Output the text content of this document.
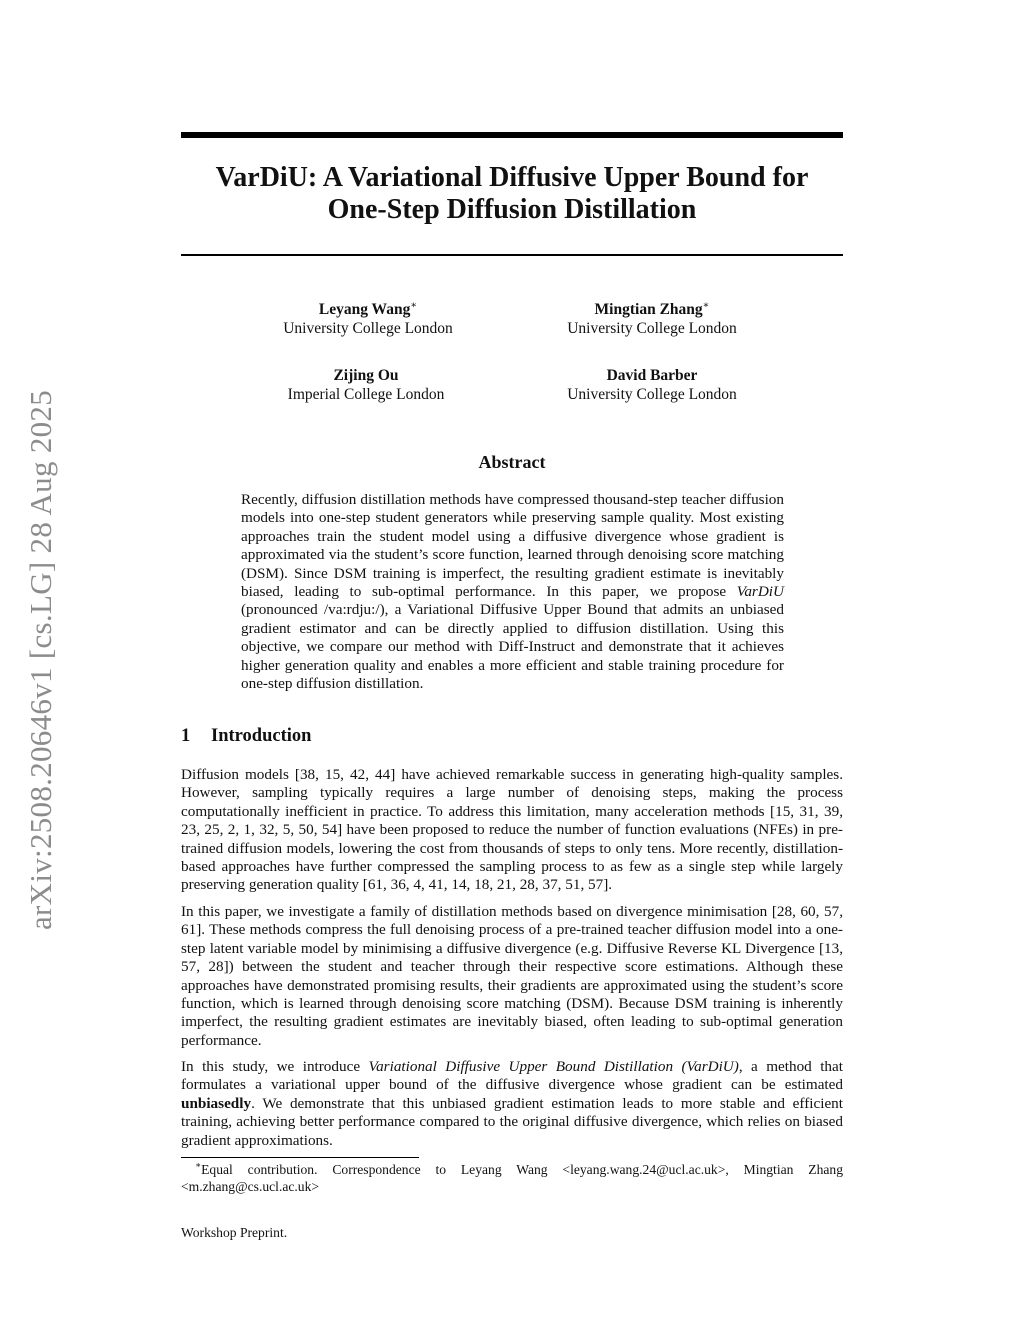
arXiv:2508.20646v1 [cs.LG] 28 Aug 2025
VarDiU: A Variational Diffusive Upper Bound for
One-Step Diffusion Distillation
Leyang Wang∗
University College London
Mingtian Zhang∗
University College London
Zijing Ou
Imperial College London
David Barber
University College London
Abstract
Recently, diffusion distillation methods have compressed thousand-step teacher diffusion models into one-step student generators while preserving sample quality. Most existing approaches train the student model using a diffusive divergence whose gradient is approximated via the student’s score function, learned through denoising score matching (DSM). Since DSM training is imperfect, the resulting gradient estimate is inevitably biased, leading to sub-optimal performance. In this paper, we propose VarDiU (pronounced /va:rdju:/), a Variational Diffusive Upper Bound that admits an unbiased gradient estimator and can be directly applied to diffusion distillation. Using this objective, we compare our method with Diff-Instruct and demonstrate that it achieves higher generation quality and enables a more efficient and stable training procedure for one-step diffusion distillation.
1 Introduction

Diffusion models [38, 15, 42, 44] have achieved remarkable success in generating high-quality samples. However, sampling typically requires a large number of denoising steps, making the process computationally inefficient in practice. To address this limitation, many acceleration methods [15, 31, 39, 23, 25, 2, 1, 32, 5, 50, 54] have been proposed to reduce the number of function evaluations (NFEs) in pre-trained diffusion models, lowering the cost from thousands of steps to only tens. More recently, distillation-based approaches have further compressed the sampling process to as few as a single step while largely preserving generation quality [61, 36, 4, 41, 14, 18, 21, 28, 37, 51, 57].

In this paper, we investigate a family of distillation methods based on divergence minimisation [28, 60, 57, 61]. These methods compress the full denoising process of a pre-trained teacher diffusion model into a one-step latent variable model by minimising a diffusive divergence (e.g. Diffusive Reverse KL Divergence [13, 57, 28]) between the student and teacher through their respective score estimations. Although these approaches have demonstrated promising results, their gradients are approximated using the student’s score function, which is learned through denoising score matching (DSM). Because DSM training is inherently imperfect, the resulting gradient estimates are inevitably biased, often leading to sub-optimal generation performance.

In this study, we introduce Variational Diffusive Upper Bound Distillation (VarDiU), a method that formulates a variational upper bound of the diffusive divergence whose gradient can be estimated unbiasedly. We demonstrate that this unbiased gradient estimation leads to more stable and efficient training, achieving better performance compared to the original diffusive divergence, which relies on biased gradient approximations.

∗Equal contribution. Correspondence to Leyang Wang <leyang.wang.24@ucl.ac.uk>, Mingtian Zhang <m.zhang@cs.ucl.ac.uk>
Workshop Preprint.
